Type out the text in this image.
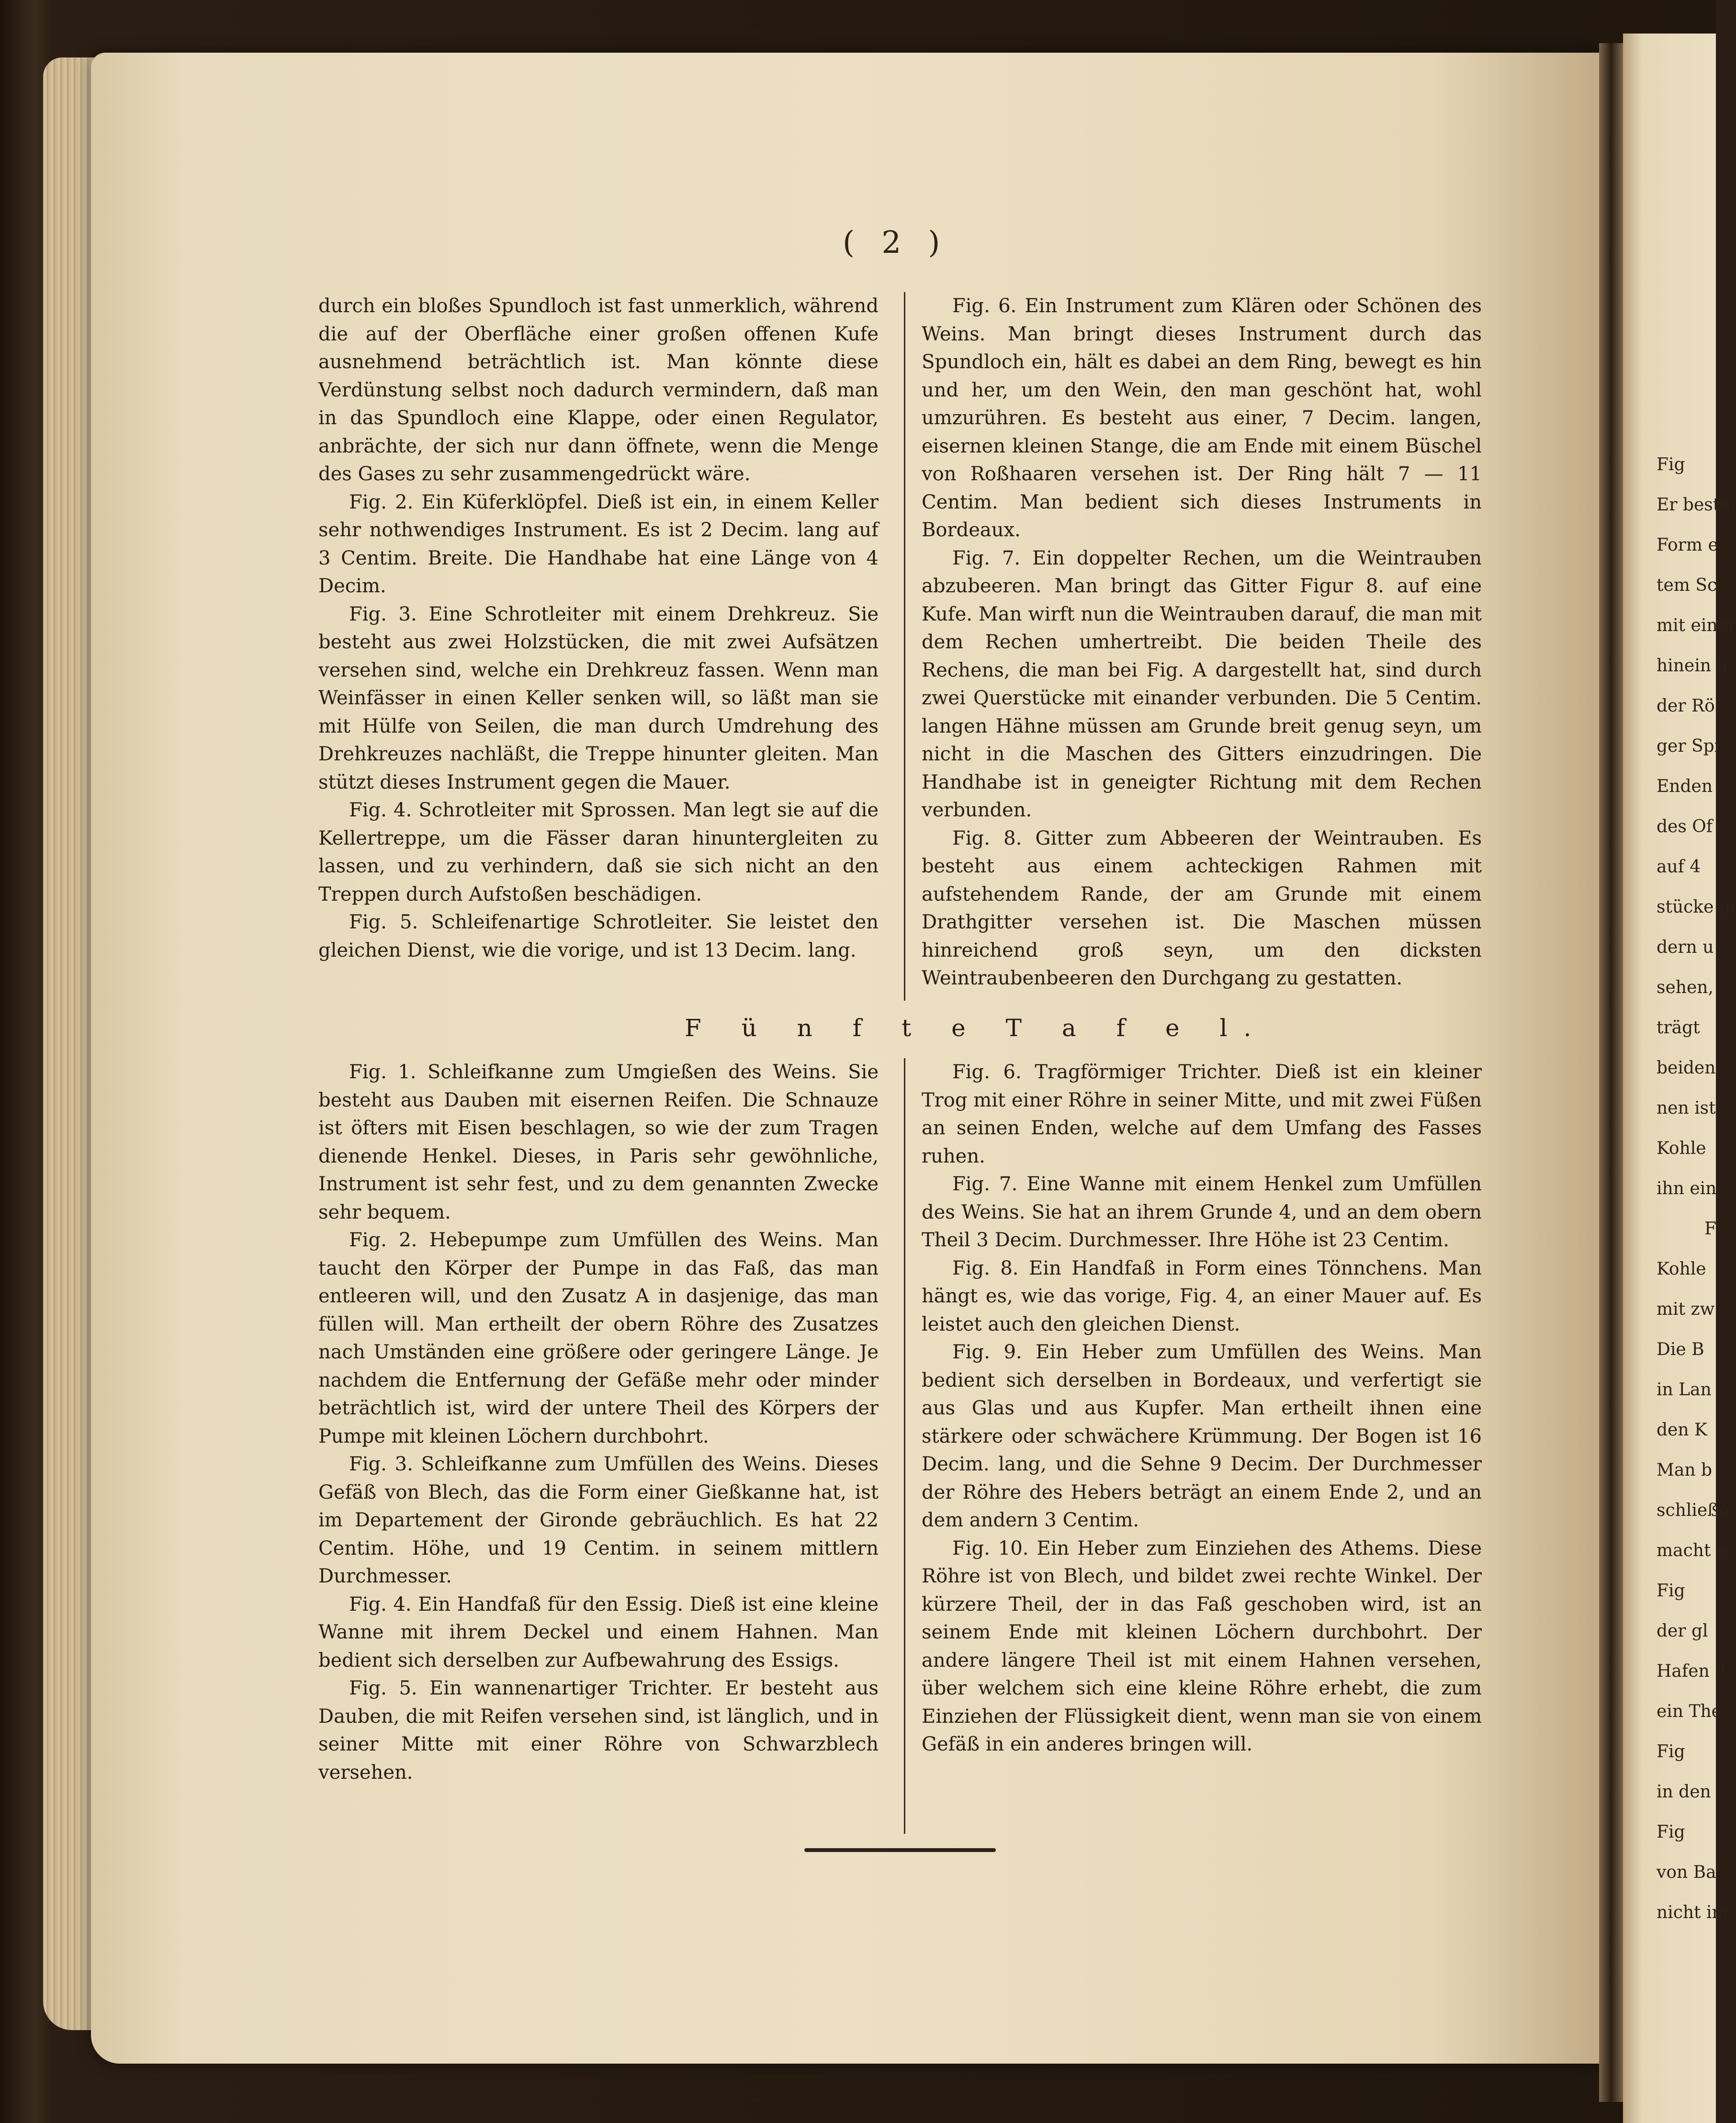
Fig
Er bestel
Form e
tem Sc
mit einer
hinein u
der Rös
ger Spi
Enden
des Of
auf 4
stücke m
dern u
sehen,
trägt
beiden
nen ist
Kohle
ihn ein
F
Kohle
mit zw
Die B
in Lan
den K
Man b
schließe
macht e
Fig
der gl
Hafen d
ein The
Fig
in den
Fig
von Ba
nicht im
( 2 )

durch ein bloßes Spundloch ist fast unmerklich, während die auf der Oberfläche einer großen offenen Kufe ausnehmend beträchtlich ist. Man könnte diese Verdünstung selbst noch dadurch vermindern, daß man in das Spundloch eine Klappe, oder einen Regulator, anbrächte, der sich nur dann öffnete, wenn die Menge des Gases zu sehr zusammengedrückt wäre.

Fig. 2. Ein Küferklöpfel. Dieß ist ein, in einem Keller sehr nothwendiges Instrument. Es ist 2 Decim. lang auf 3 Centim. Breite. Die Handhabe hat eine Länge von 4 Decim.

Fig. 3. Eine Schrotleiter mit einem Drehkreuz. Sie besteht aus zwei Holzstücken, die mit zwei Aufsätzen versehen sind, welche ein Drehkreuz fassen. Wenn man Weinfässer in einen Keller senken will, so läßt man sie mit Hülfe von Seilen, die man durch Umdrehung des Drehkreuzes nachläßt, die Treppe hinunter gleiten. Man stützt dieses Instrument gegen die Mauer.

Fig. 4. Schrotleiter mit Sprossen. Man legt sie auf die Kellertreppe, um die Fässer daran hinuntergleiten zu lassen, und zu verhindern, daß sie sich nicht an den Treppen durch Aufstoßen beschädigen.

Fig. 5. Schleifenartige Schrotleiter. Sie leistet den gleichen Dienst, wie die vorige, und ist 13 Decim. lang.

Fig. 6. Ein Instrument zum Klären oder Schönen des Weins. Man bringt dieses Instrument durch das Spundloch ein, hält es dabei an dem Ring, bewegt es hin und her, um den Wein, den man geschönt hat, wohl umzurühren. Es besteht aus einer, 7 Decim. langen, eisernen kleinen Stange, die am Ende mit einem Büschel von Roßhaaren versehen ist. Der Ring hält 7 — 11 Centim. Man bedient sich dieses Instruments in Bordeaux.

Fig. 7. Ein doppelter Rechen, um die Weintrauben abzubeeren. Man bringt das Gitter Figur 8. auf eine Kufe. Man wirft nun die Weintrauben darauf, die man mit dem Rechen umhertreibt. Die beiden Theile des Rechens, die man bei Fig. A dargestellt hat, sind durch zwei Querstücke mit einander verbunden. Die 5 Centim. langen Hähne müssen am Grunde breit genug seyn, um nicht in die Maschen des Gitters einzudringen. Die Handhabe ist in geneigter Richtung mit dem Rechen verbunden.

Fig. 8. Gitter zum Abbeeren der Weintrauben. Es besteht aus einem achteckigen Rahmen mit aufstehendem Rande, der am Grunde mit einem Drathgitter versehen ist. Die Maschen müssen hinreichend groß seyn, um den dicksten Weintraubenbeeren den Durchgang zu gestatten.

F ü n f t e T a f e l.

Fig. 1. Schleifkanne zum Umgießen des Weins. Sie besteht aus Dauben mit eisernen Reifen. Die Schnauze ist öfters mit Eisen beschlagen, so wie der zum Tragen dienende Henkel. Dieses, in Paris sehr gewöhnliche, Instrument ist sehr fest, und zu dem genannten Zwecke sehr bequem.

Fig. 2. Hebepumpe zum Umfüllen des Weins. Man taucht den Körper der Pumpe in das Faß, das man entleeren will, und den Zusatz A in dasjenige, das man füllen will. Man ertheilt der obern Röhre des Zusatzes nach Umständen eine größere oder geringere Länge. Je nachdem die Entfernung der Gefäße mehr oder minder beträchtlich ist, wird der untere Theil des Körpers der Pumpe mit kleinen Löchern durchbohrt.

Fig. 3. Schleifkanne zum Umfüllen des Weins. Dieses Gefäß von Blech, das die Form einer Gießkanne hat, ist im Departement der Gironde gebräuchlich. Es hat 22 Centim. Höhe, und 19 Centim. in seinem mittlern Durchmesser.

Fig. 4. Ein Handfaß für den Essig. Dieß ist eine kleine Wanne mit ihrem Deckel und einem Hahnen. Man bedient sich derselben zur Aufbewahrung des Essigs.

Fig. 5. Ein wannenartiger Trichter. Er besteht aus Dauben, die mit Reifen versehen sind, ist länglich, und in seiner Mitte mit einer Röhre von Schwarzblech versehen.

Fig. 6. Tragförmiger Trichter. Dieß ist ein kleiner Trog mit einer Röhre in seiner Mitte, und mit zwei Füßen an seinen Enden, welche auf dem Umfang des Fasses ruhen.

Fig. 7. Eine Wanne mit einem Henkel zum Umfüllen des Weins. Sie hat an ihrem Grunde 4, und an dem obern Theil 3 Decim. Durchmesser. Ihre Höhe ist 23 Centim.

Fig. 8. Ein Handfaß in Form eines Tönnchens. Man hängt es, wie das vorige, Fig. 4, an einer Mauer auf. Es leistet auch den gleichen Dienst.

Fig. 9. Ein Heber zum Umfüllen des Weins. Man bedient sich derselben in Bordeaux, und verfertigt sie aus Glas und aus Kupfer. Man ertheilt ihnen eine stärkere oder schwächere Krümmung. Der Bogen ist 16 Decim. lang, und die Sehne 9 Decim. Der Durchmesser der Röhre des Hebers beträgt an einem Ende 2, und an dem andern 3 Centim.

Fig. 10. Ein Heber zum Einziehen des Athems. Diese Röhre ist von Blech, und bildet zwei rechte Winkel. Der kürzere Theil, der in das Faß geschoben wird, ist an seinem Ende mit kleinen Löchern durchbohrt. Der andere längere Theil ist mit einem Hahnen versehen, über welchem sich eine kleine Röhre erhebt, die zum Einziehen der Flüssigkeit dient, wenn man sie von einem Gefäß in ein anderes bringen will.
